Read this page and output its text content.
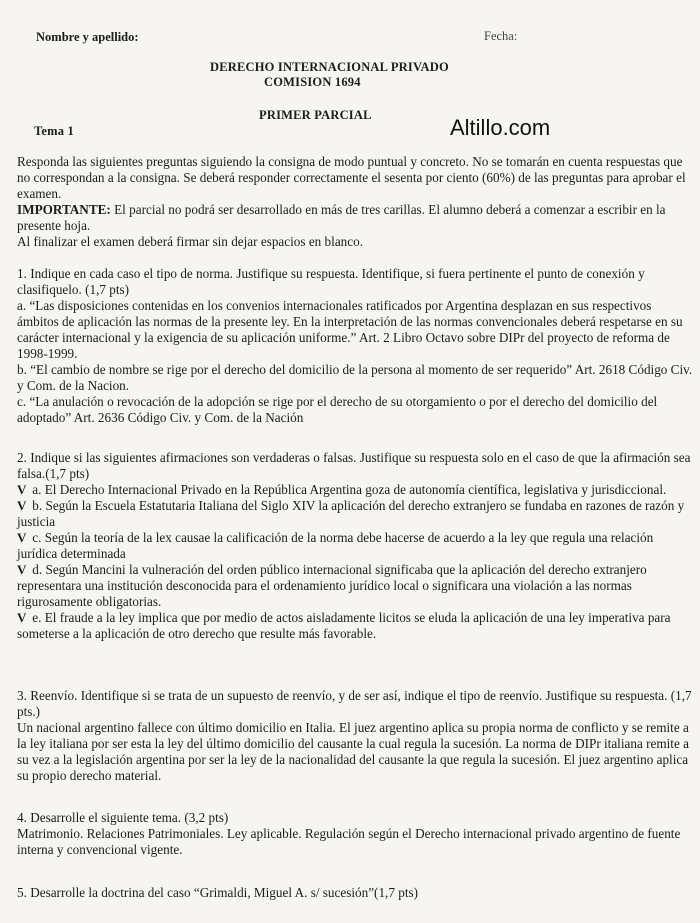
Nombre y apellido:	Fecha:
DERECHO INTERNACIONAL PRIVADO
COMISION 1694
PRIMER PARCIAL
Tema 1	Altillo.com

Responda las siguientes preguntas siguiendo la consigna de modo puntual y concreto. No se tomarán en cuenta respuestas que no correspondan a la consigna. Se deberá responder correctamente el sesenta por ciento (60%) de las preguntas para aprobar el examen.

IMPORTANTE: El parcial no podrá ser desarrollado en más de tres carillas. El alumno deberá a comenzar a escribir en la presente hoja.

Al finalizar el examen deberá firmar sin dejar espacios en blanco.

1. Indique en cada caso el tipo de norma. Justifique su respuesta. Identifique, si fuera pertinente el punto de conexión y clasifiquelo. (1,7 pts)

a. “Las disposiciones contenidas en los convenios internacionales ratificados por Argentina desplazan en sus respectivos ámbitos de aplicación las normas de la presente ley. En la interpretación de las normas convencionales deberá respetarse en su carácter internacional y la exigencia de su aplicación uniforme.” Art. 2 Libro Octavo sobre DIPr del proyecto de reforma de 1998-1999.

b. “El cambio de nombre se rige por el derecho del domicilio de la persona al momento de ser requerido” Art. 2618 Código Civ. y Com. de la Nacion.

c. “La anulación o revocación de la adopción se rige por el derecho de su otorgamiento o por el derecho del domicilio del adoptado” Art. 2636 Código Civ. y Com. de la Nación

2. Indique si las siguientes afirmaciones son verdaderas o falsas. Justifique su respuesta solo en el caso de que la afirmación sea falsa.(1,7 pts)

V a. El Derecho Internacional Privado en la República Argentina goza de autonomía científica, legislativa y jurisdiccional.

V b. Según la Escuela Estatutaria Italiana del Siglo XIV la aplicación del derecho extranjero se fundaba en razones de razón y justicia

V c. Según la teoría de la lex causae la calificación de la norma debe hacerse de acuerdo a la ley que regula una relación jurídica determinada

V d. Según Mancini la vulneración del orden público internacional significaba que la aplicación del derecho extranjero representara una institución desconocida para el ordenamiento jurídico local o significara una violación a las normas rigurosamente obligatorias.

V e. El fraude a la ley implica que por medio de actos aisladamente licitos se eluda la aplicación de una ley imperativa para someterse a la aplicación de otro derecho que resulte más favorable.

3. Reenvío. Identifique si se trata de un supuesto de reenvío, y de ser así, indique el tipo de reenvío. Justifique su respuesta. (1,7 pts.)

Un nacional argentino fallece con último domicilio en Italia. El juez argentino aplica su propia norma de conflicto y se remite a la ley italiana por ser esta la ley del último domicilio del causante la cual regula la sucesión. La norma de DIPr italiana remite a su vez a la legislación argentina por ser la ley de la nacionalidad del causante la que regula la sucesión. El juez argentino aplica su propio derecho material.

4. Desarrolle el siguiente tema. (3,2 pts)

Matrimonio. Relaciones Patrimoniales. Ley aplicable. Regulación según el Derecho internacional privado argentino de fuente interna y convencional vigente.

5. Desarrolle la doctrina del caso “Grimaldi, Miguel A. s/ sucesión”(1,7 pts)
